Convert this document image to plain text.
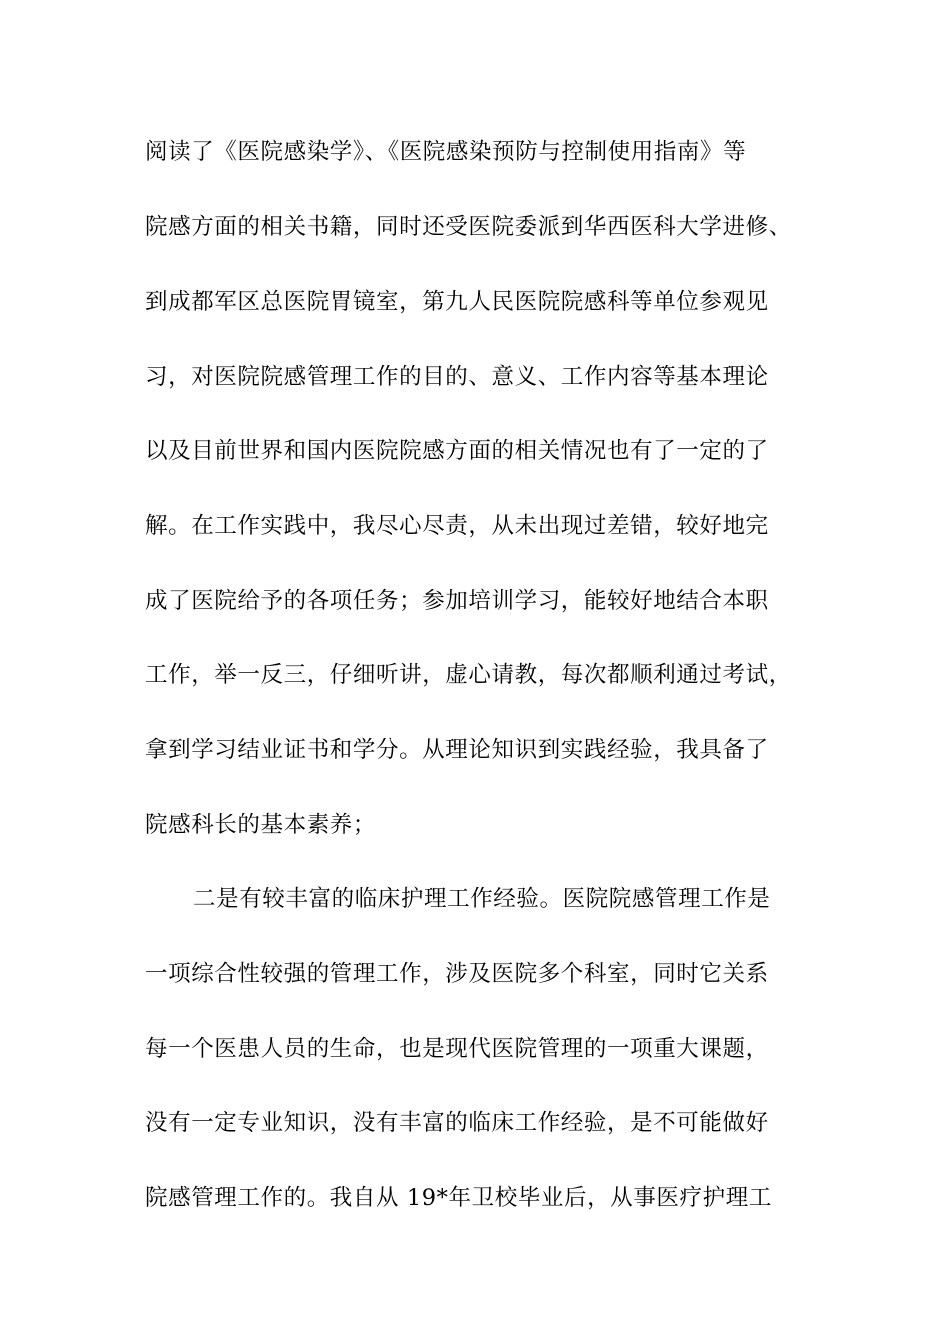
阅读了《医院感染学》、《医院感染预防与控制使用指南》等
院感方面的相关书籍，同时还受医院委派到华西医科大学进修、
到成都军区总医院胃镜室，第九人民医院院感科等单位参观见
习，对医院院感管理工作的目的、意义、工作内容等基本理论
以及目前世界和国内医院院感方面的相关情况也有了一定的了
解。在工作实践中，我尽心尽责，从未出现过差错，较好地完
成了医院给予的各项任务；参加培训学习，能较好地结合本职
工作，举一反三，仔细听讲，虚心请教，每次都顺利通过考试，
拿到学习结业证书和学分。从理论知识到实践经验，我具备了
院感科长的基本素养；
二是有较丰富的临床护理工作经验。医院院感管理工作是
一项综合性较强的管理工作，涉及医院多个科室，同时它关系
每一个医患人员的生命，也是现代医院管理的一项重大课题，
没有一定专业知识，没有丰富的临床工作经验，是不可能做好
院感管理工作的。我自从 19*年卫校毕业后，从事医疗护理工
